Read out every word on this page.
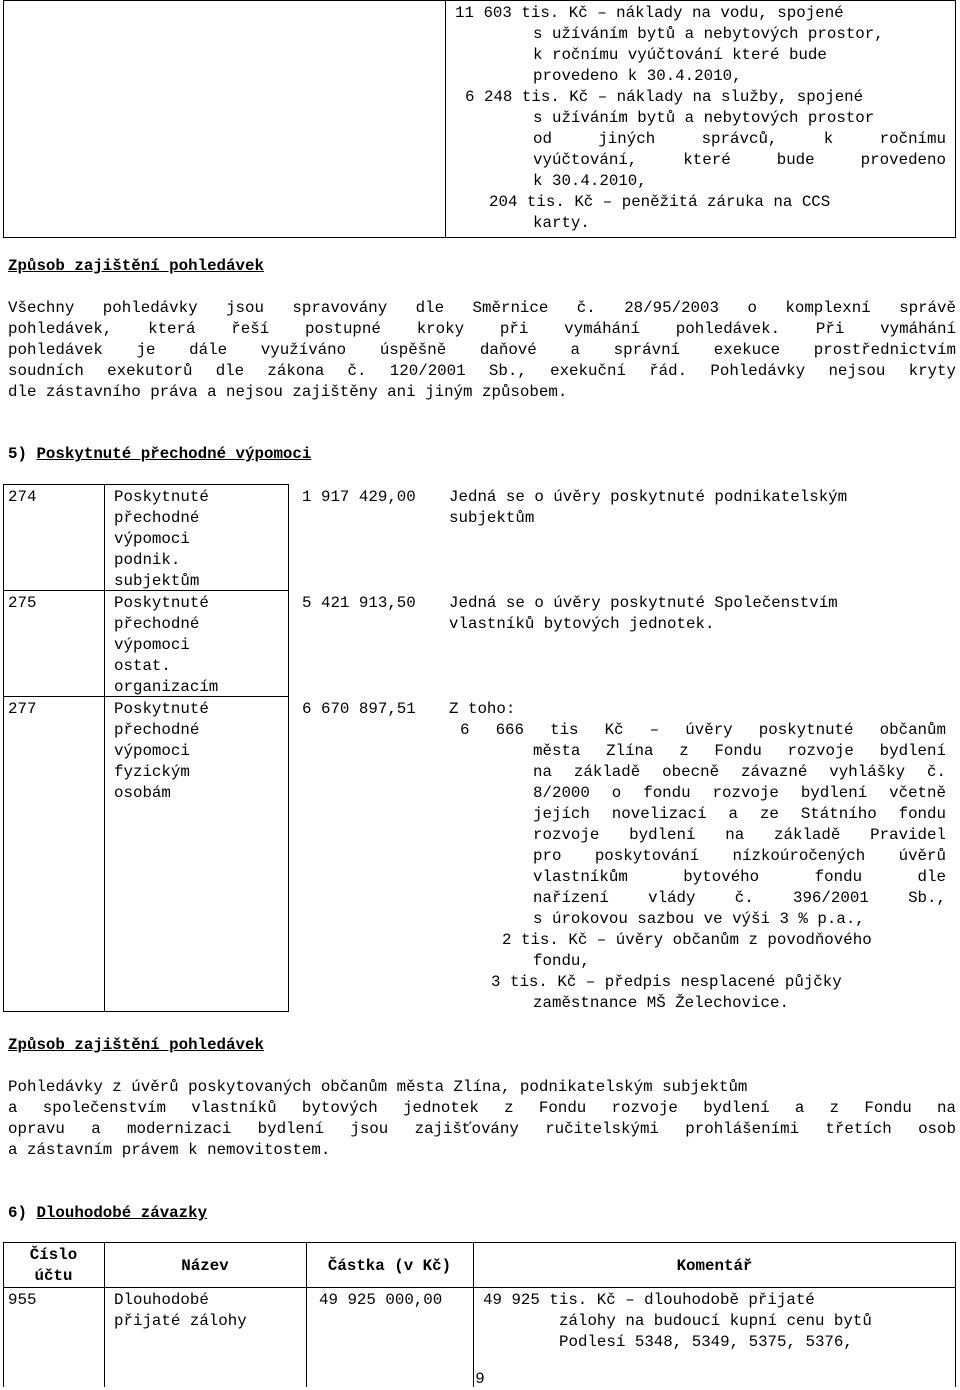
11 603 tis. Kč – náklady na vodu, spojené
s užíváním bytů a nebytových prostor,
k ročnímu vyúčtování které bude
provedeno k 30.4.2010,
6 248 tis. Kč – náklady na služby, spojené
s užíváním bytů a nebytových prostor
od jiných správců, k ročnímu
vyúčtování, které bude provedeno
k 30.4.2010,
204 tis. Kč – peněžitá záruka na CCS
karty.
Způsob zajištění pohledávek
Všechny pohledávky jsou spravovány dle Směrnice č. 28/95/2003 o komplexní správě
pohledávek, která řeší postupné kroky při vymáhání pohledávek. Při vymáhání
pohledávek je dále využíváno úspěšně daňové a správní exekuce prostřednictvím
soudních exekutorů dle zákona č. 120/2001 Sb., exekuční řád. Pohledávky nejsou kryty
dle zástavního práva a nejsou zajištěny ani jiným způsobem.
5) Poskytnuté přechodné výpomoci
274	Poskytnuté
přechodné
výpomoci
podnik.
subjektům
1 917 429,00 Jedná se o úvěry poskytnuté podnikatelským
subjektům
275	Poskytnuté
přechodné
výpomoci
ostat.
organizacím
5 421 913,50 Jedná se o úvěry poskytnuté Společenstvím
vlastníků bytových jednotek.
277	Poskytnuté
přechodné
výpomoci
fyzickým
osobám
6 670 897,51 Z toho:
6 666 tis Kč – úvěry poskytnuté občanům
města Zlína z Fondu rozvoje bydlení
na základě obecně závazné vyhlášky č.
8/2000 o fondu rozvoje bydlení včetně
jejích novelizací a ze Státního fondu
rozvoje bydlení na základě Pravidel
pro poskytování nízkoúročených úvěrů
vlastníkům bytového fondu dle
nařízení vlády č. 396/2001 Sb.,
s úrokovou sazbou ve výši 3 % p.a.,
2 tis. Kč – úvěry občanům z povodňového
fondu,
3 tis. Kč – předpis nesplacené půjčky
zaměstnance MŠ Želechovice.
Způsob zajištění pohledávek
Pohledávky z úvěrů poskytovaných občanům města Zlína, podnikatelským subjektům
a společenstvím vlastníků bytových jednotek z Fondu rozvoje bydlení a z Fondu na
opravu a modernizaci bydlení jsou zajišťovány ručitelskými prohlášeními třetích osob
a zástavním právem k nemovitostem.
6) Dlouhodobé závazky
Číslo
účtu
Název	Částka (v Kč)	Komentář
955	Dlouhodobé
přijaté zálohy
49 925 000,00	49 925 tis. Kč – dlouhodobě přijaté
zálohy na budoucí kupní cenu bytů
Podlesí 5348, 5349, 5375, 5376,
9
